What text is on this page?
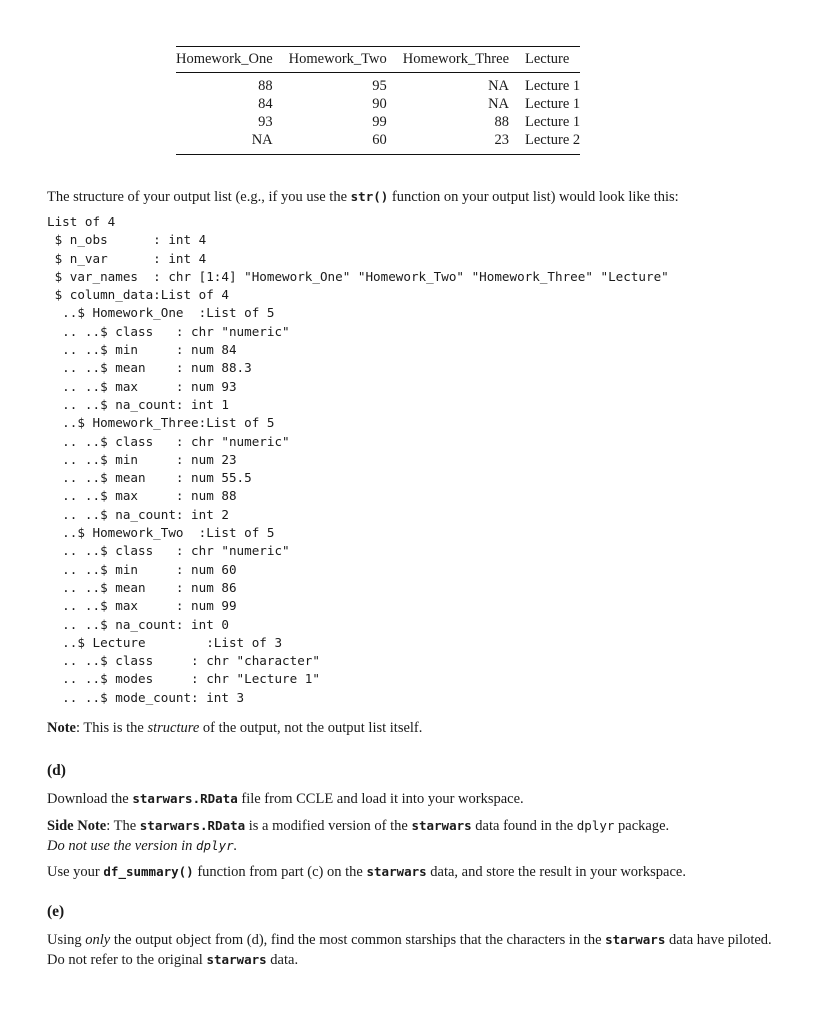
Homework_One	Homework_Two	Homework_Three	Lecture
88	95	NA	Lecture 1
84	90	NA	Lecture 1
93	99	88	Lecture 1
NA	60	23	Lecture 2

The structure of your output list (e.g., if you use the str() function on your output list) would look like this:

List of 4
$ n_obs      : int 4
$ n_var      : int 4
$ var_names  : chr [1:4] "Homework_One" "Homework_Two" "Homework_Three" "Lecture"
$ column_data:List of 4
..$ Homework_One  :List of 5
.. ..$ class   : chr "numeric"
.. ..$ min     : num 84
.. ..$ mean    : num 88.3
.. ..$ max     : num 93
.. ..$ na_count: int 1
..$ Homework_Three:List of 5
.. ..$ class   : chr "numeric"
.. ..$ min     : num 23
.. ..$ mean    : num 55.5
.. ..$ max     : num 88
.. ..$ na_count: int 2
..$ Homework_Two  :List of 5
.. ..$ class   : chr "numeric"
.. ..$ min     : num 60
.. ..$ mean    : num 86
.. ..$ max     : num 99
.. ..$ na_count: int 0
..$ Lecture        :List of 3
.. ..$ class     : chr "character"
.. ..$ modes     : chr "Lecture 1"
.. ..$ mode_count: int 3

Note: This is the structure of the output, not the output list itself.

(d)

Download the starwars.RData file from CCLE and load it into your workspace.

Side Note: The starwars.RData is a modified version of the starwars data found in the dplyr package.
Do not use the version in dplyr.

Use your df_summary() function from part (c) on the starwars data, and store the result in your workspace.

(e)

Using only the output object from (d), find the most common starships that the characters in the starwars data have piloted. Do not refer to the original starwars data.
